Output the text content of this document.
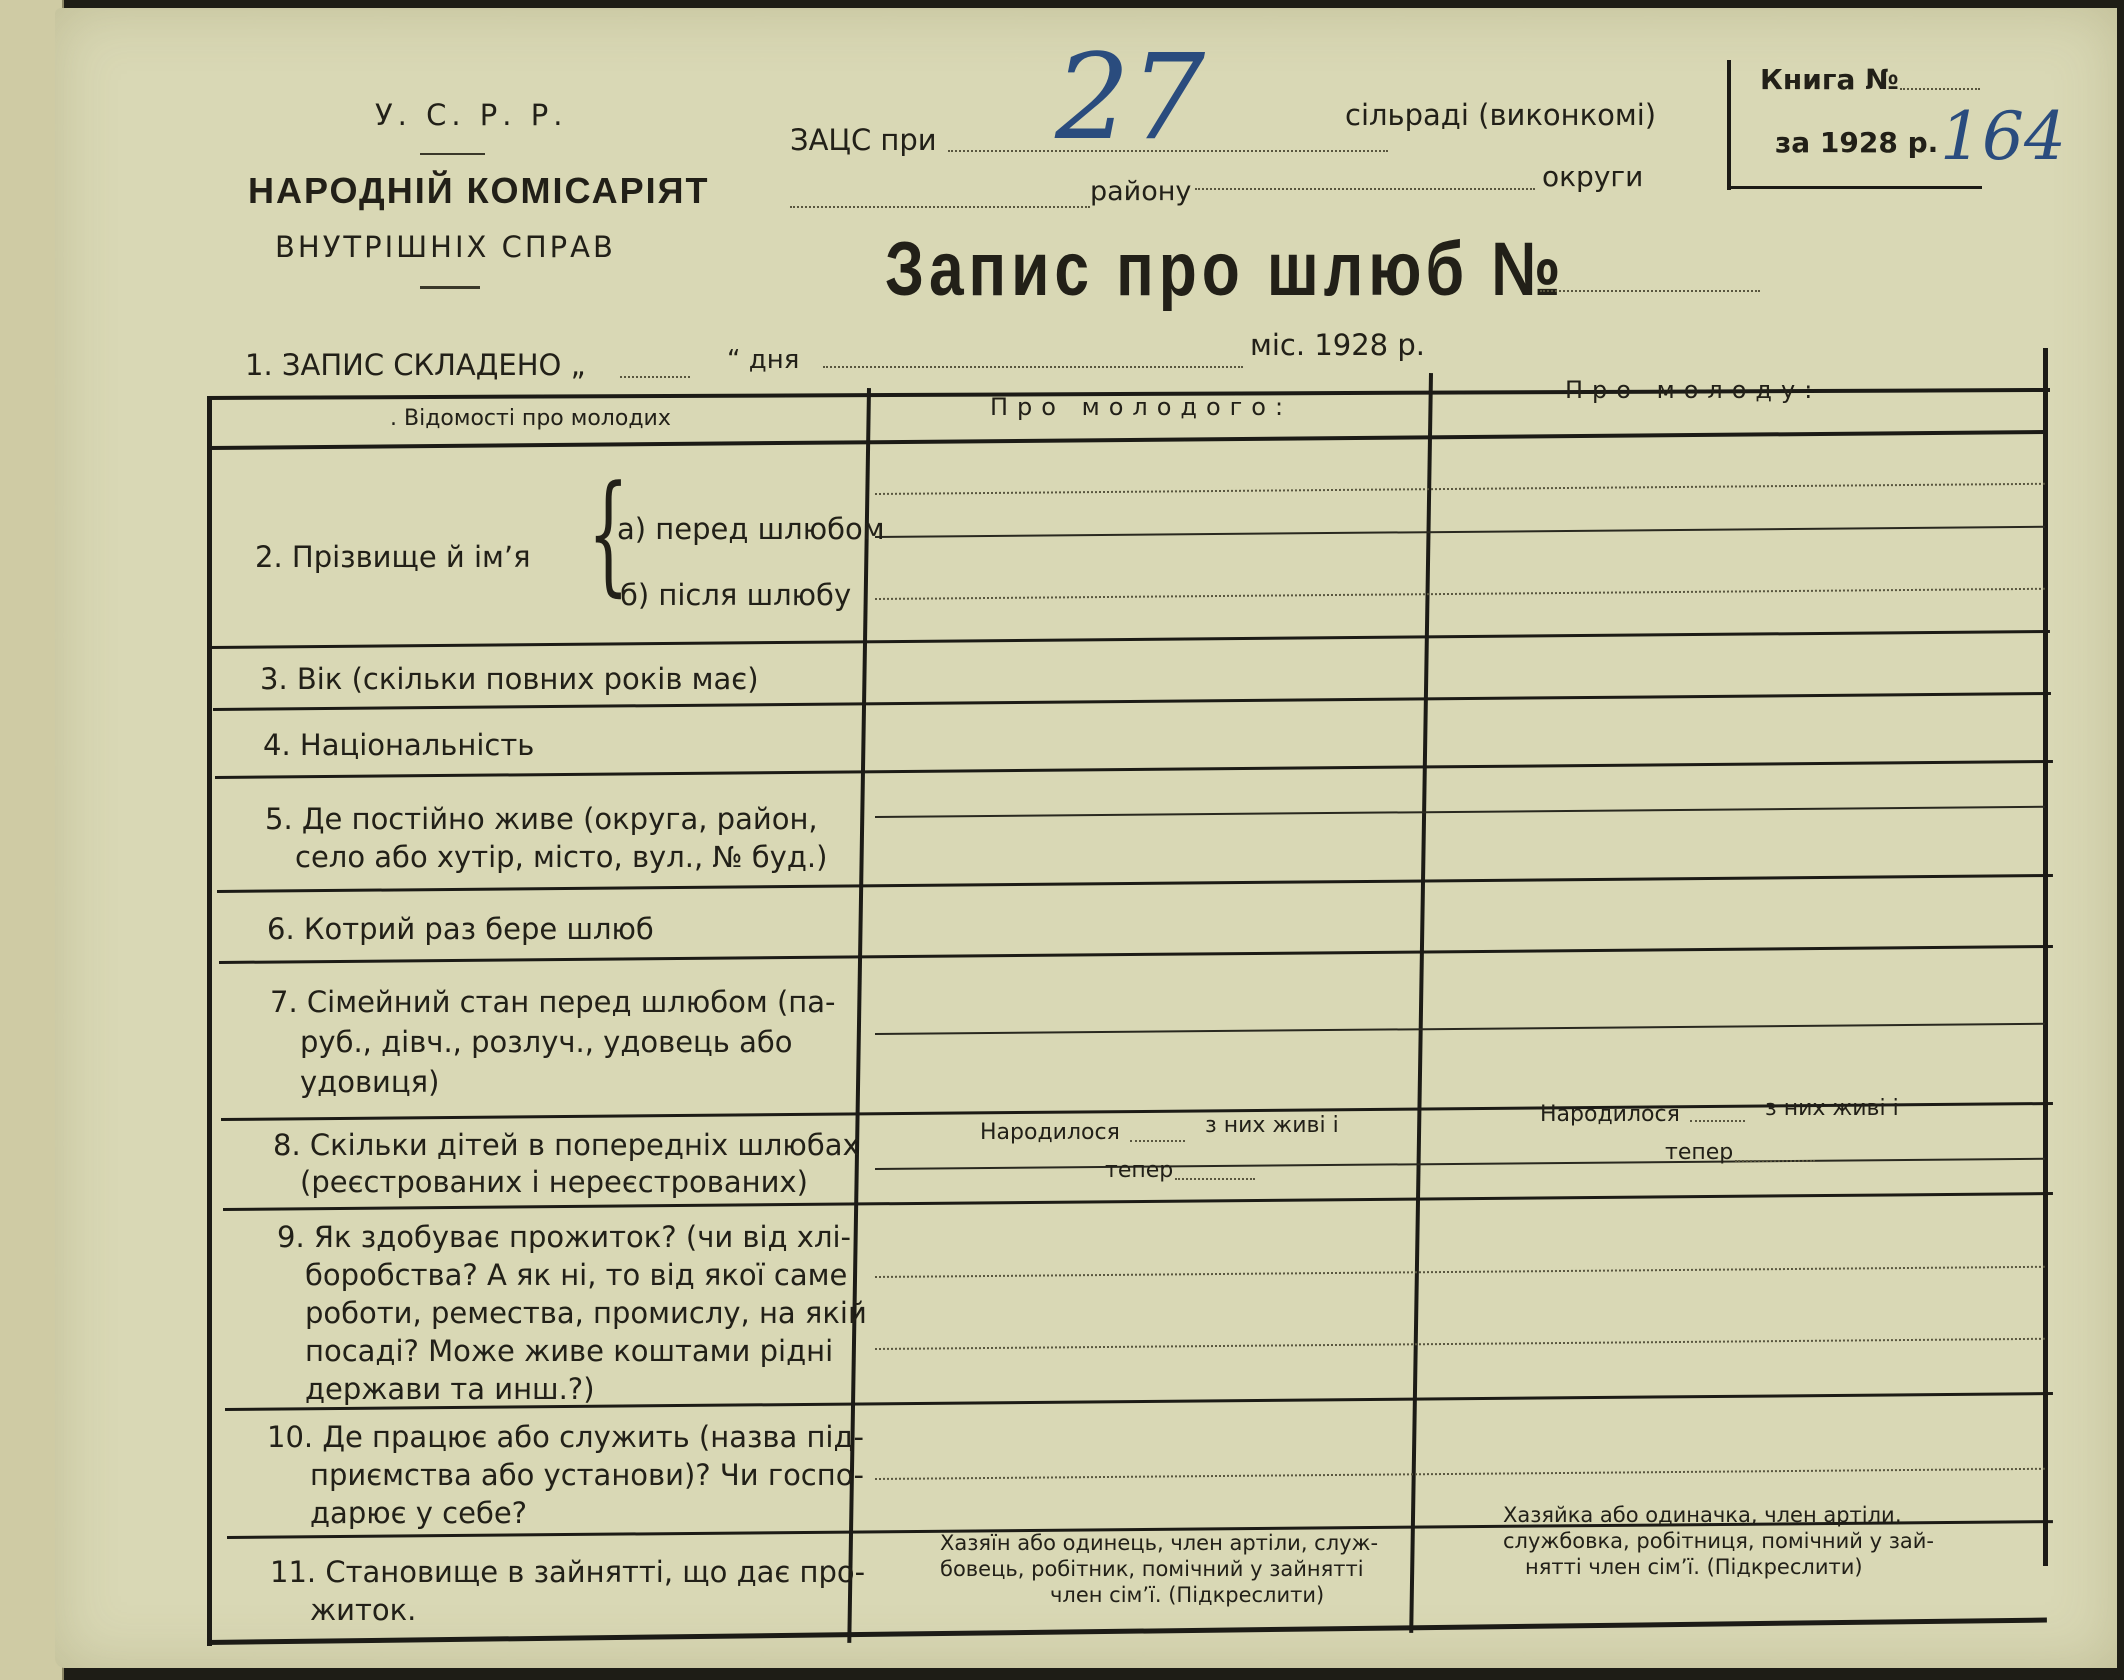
У. С. Р. Р.
НАРОДНІЙ КОМІСАРІЯТ
ВНУТРІШНІХ СПРАВ
ЗАЦС при 27	сільраді (виконкомі)
району	округи
Книга №
за 1928 р. 164
Запис про шлюб №
1. ЗАПИС СКЛАДЕНО „	“ дня	міс. 1928 р.
. Відомості про молодих	Про молодого:
Про молоду:
2. Прізвище й ім’я {
а) перед шлюбом
б) після шлюбу
3. Вік (скільки повних років має)
4. Національність
5. Де постійно живе (округа, район,
село або хутір, місто, вул., № буд.)
6. Котрий раз бере шлюб
7. Сімейний стан перед шлюбом (па-
руб., дівч., розлуч., удовець або
удовиця)
8. Скільки дітей в попередніх шлюбах
(реєстрованих і нереєстрованих)
Народилося	з них живі і
тепер
Народилося	з них живі і
тепер
9. Як здобуває прожиток? (чи від хлі-
боробства? А як ні, то від якої саме
роботи, ремества, промислу, на якій
посаді? Може живе коштами рідні
держави та инш.?)
10. Де працює або служить (назва під-
приємства або установи)? Чи госпо-
дарює у себе?
11. Становище в зайнятті, що дає про-
житок.
Хазяїн або одинець, член артіли, служ-
бовець, робітник, помічний у зайнятті
член сім’ї. (Підкреслити)
Хазяйка або одиначка, член артіли,
службовка, робітниця, помічний у зай-
нятті член сім’ї. (Підкреслити)
